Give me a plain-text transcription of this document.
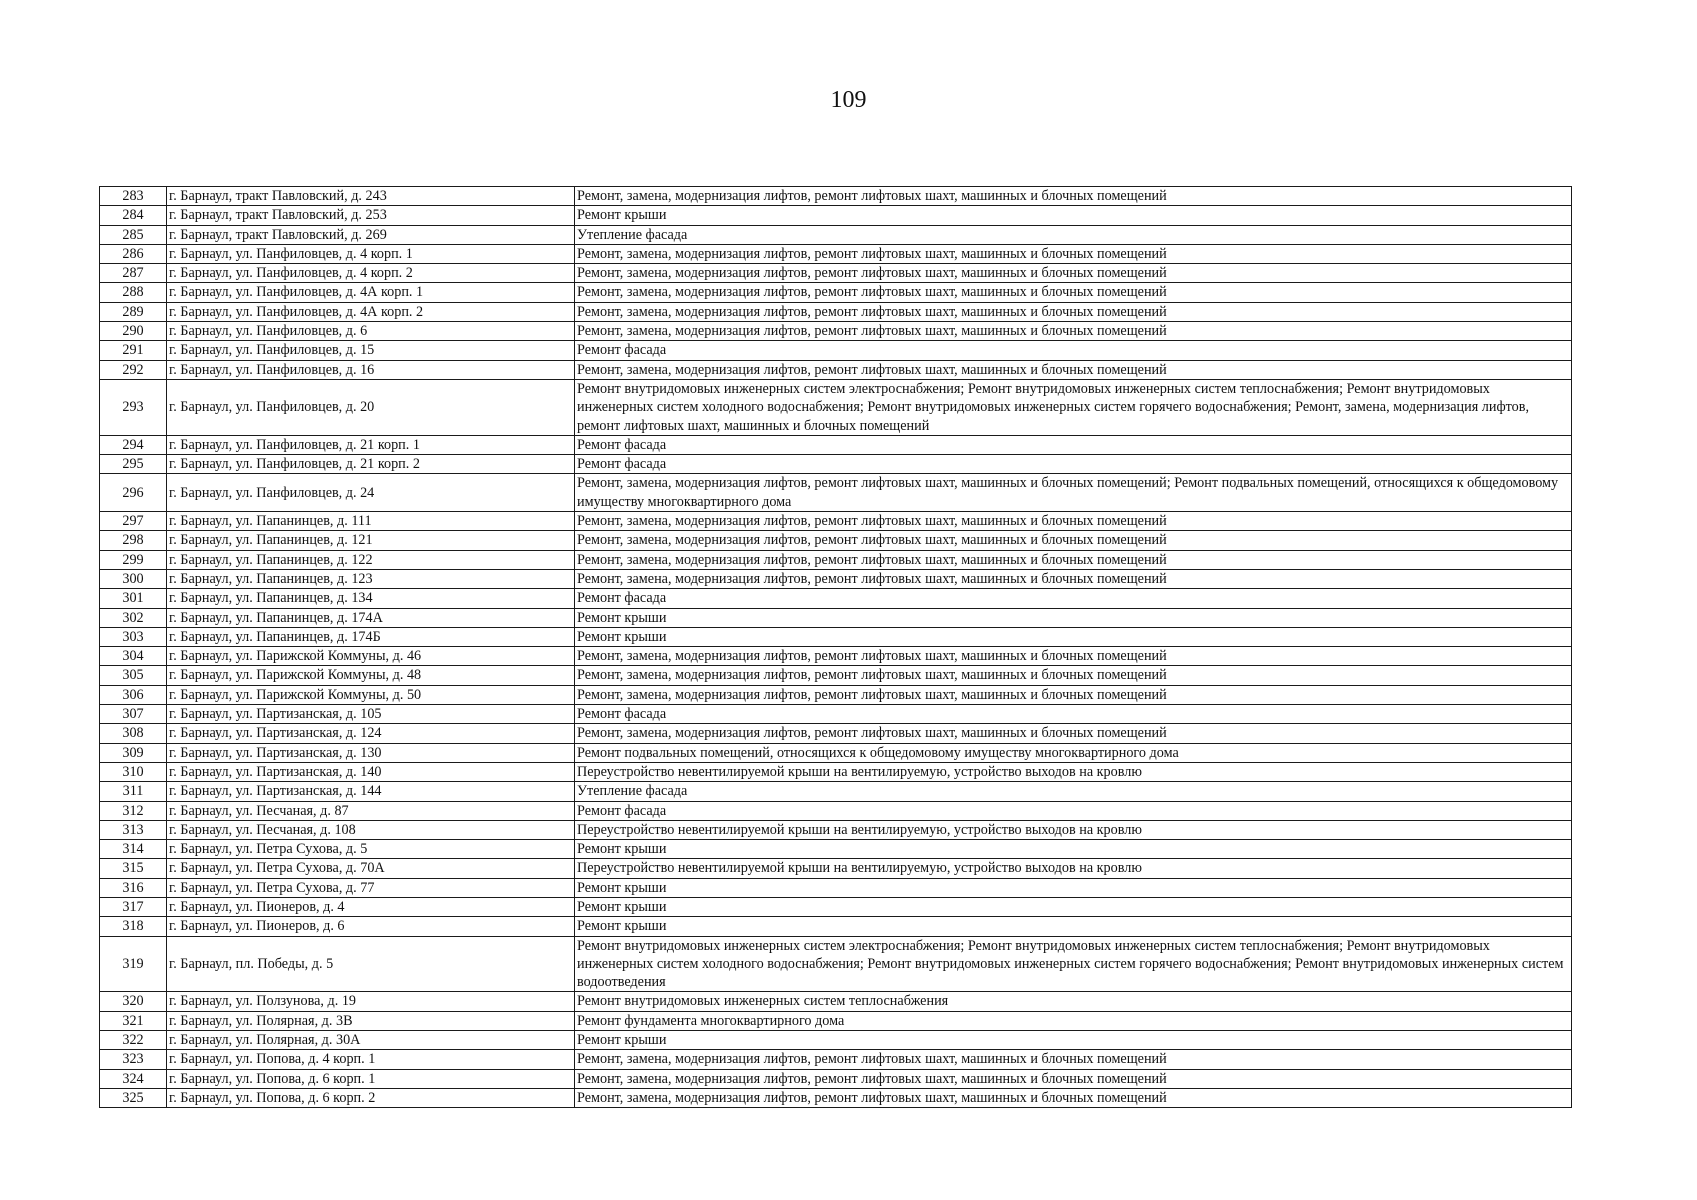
109
283	г. Барнаул, тракт Павловский, д. 243	Ремонт, замена, модернизация лифтов, ремонт лифтовых шахт, машинных и блочных помещений
284	г. Барнаул, тракт Павловский, д. 253	Ремонт крыши
285	г. Барнаул, тракт Павловский, д. 269	Утепление фасада
286	г. Барнаул, ул. Панфиловцев, д. 4 корп. 1	Ремонт, замена, модернизация лифтов, ремонт лифтовых шахт, машинных и блочных помещений
287	г. Барнаул, ул. Панфиловцев, д. 4 корп. 2	Ремонт, замена, модернизация лифтов, ремонт лифтовых шахт, машинных и блочных помещений
288	г. Барнаул, ул. Панфиловцев, д. 4А корп. 1	Ремонт, замена, модернизация лифтов, ремонт лифтовых шахт, машинных и блочных помещений
289	г. Барнаул, ул. Панфиловцев, д. 4А корп. 2	Ремонт, замена, модернизация лифтов, ремонт лифтовых шахт, машинных и блочных помещений
290	г. Барнаул, ул. Панфиловцев, д. 6	Ремонт, замена, модернизация лифтов, ремонт лифтовых шахт, машинных и блочных помещений
291	г. Барнаул, ул. Панфиловцев, д. 15	Ремонт фасада
292	г. Барнаул, ул. Панфиловцев, д. 16	Ремонт, замена, модернизация лифтов, ремонт лифтовых шахт, машинных и блочных помещений
293	г. Барнаул, ул. Панфиловцев, д. 20	Ремонт внутридомовых инженерных систем электроснабжения; Ремонт внутридомовых инженерных систем теплоснабжения; Ремонт внутридомовых инженерных систем холодного водоснабжения; Ремонт внутридомовых инженерных систем горячего водоснабжения; Ремонт, замена, модернизация лифтов, ремонт лифтовых шахт, машинных и блочных помещений
294	г. Барнаул, ул. Панфиловцев, д. 21 корп. 1	Ремонт фасада
295	г. Барнаул, ул. Панфиловцев, д. 21 корп. 2	Ремонт фасада
296	г. Барнаул, ул. Панфиловцев, д. 24	Ремонт, замена, модернизация лифтов, ремонт лифтовых шахт, машинных и блочных помещений; Ремонт подвальных помещений, относящихся к общедомовому имуществу многоквартирного дома
297	г. Барнаул, ул. Папанинцев, д. 111	Ремонт, замена, модернизация лифтов, ремонт лифтовых шахт, машинных и блочных помещений
298	г. Барнаул, ул. Папанинцев, д. 121	Ремонт, замена, модернизация лифтов, ремонт лифтовых шахт, машинных и блочных помещений
299	г. Барнаул, ул. Папанинцев, д. 122	Ремонт, замена, модернизация лифтов, ремонт лифтовых шахт, машинных и блочных помещений
300	г. Барнаул, ул. Папанинцев, д. 123	Ремонт, замена, модернизация лифтов, ремонт лифтовых шахт, машинных и блочных помещений
301	г. Барнаул, ул. Папанинцев, д. 134	Ремонт фасада
302	г. Барнаул, ул. Папанинцев, д. 174А	Ремонт крыши
303	г. Барнаул, ул. Папанинцев, д. 174Б	Ремонт крыши
304	г. Барнаул, ул. Парижской Коммуны, д. 46	Ремонт, замена, модернизация лифтов, ремонт лифтовых шахт, машинных и блочных помещений
305	г. Барнаул, ул. Парижской Коммуны, д. 48	Ремонт, замена, модернизация лифтов, ремонт лифтовых шахт, машинных и блочных помещений
306	г. Барнаул, ул. Парижской Коммуны, д. 50	Ремонт, замена, модернизация лифтов, ремонт лифтовых шахт, машинных и блочных помещений
307	г. Барнаул, ул. Партизанская, д. 105	Ремонт фасада
308	г. Барнаул, ул. Партизанская, д. 124	Ремонт, замена, модернизация лифтов, ремонт лифтовых шахт, машинных и блочных помещений
309	г. Барнаул, ул. Партизанская, д. 130	Ремонт подвальных помещений, относящихся к общедомовому имуществу многоквартирного дома
310	г. Барнаул, ул. Партизанская, д. 140	Переустройство невентилируемой крыши на вентилируемую, устройство выходов на кровлю
311	г. Барнаул, ул. Партизанская, д. 144	Утепление фасада
312	г. Барнаул, ул. Песчаная, д. 87	Ремонт фасада
313	г. Барнаул, ул. Песчаная, д. 108	Переустройство невентилируемой крыши на вентилируемую, устройство выходов на кровлю
314	г. Барнаул, ул. Петра Сухова, д. 5	Ремонт крыши
315	г. Барнаул, ул. Петра Сухова, д. 70А	Переустройство невентилируемой крыши на вентилируемую, устройство выходов на кровлю
316	г. Барнаул, ул. Петра Сухова, д. 77	Ремонт крыши
317	г. Барнаул, ул. Пионеров, д. 4	Ремонт крыши
318	г. Барнаул, ул. Пионеров, д. 6	Ремонт крыши
319	г. Барнаул, пл. Победы, д. 5	Ремонт внутридомовых инженерных систем электроснабжения; Ремонт внутридомовых инженерных систем теплоснабжения; Ремонт внутридомовых инженерных систем холодного водоснабжения; Ремонт внутридомовых инженерных систем горячего водоснабжения; Ремонт внутридомовых инженерных систем водоотведения
320	г. Барнаул, ул. Ползунова, д. 19	Ремонт внутридомовых инженерных систем теплоснабжения
321	г. Барнаул, ул. Полярная, д. 3В	Ремонт фундамента многоквартирного дома
322	г. Барнаул, ул. Полярная, д. 30А	Ремонт крыши
323	г. Барнаул, ул. Попова, д. 4 корп. 1	Ремонт, замена, модернизация лифтов, ремонт лифтовых шахт, машинных и блочных помещений
324	г. Барнаул, ул. Попова, д. 6 корп. 1	Ремонт, замена, модернизация лифтов, ремонт лифтовых шахт, машинных и блочных помещений
325	г. Барнаул, ул. Попова, д. 6 корп. 2	Ремонт, замена, модернизация лифтов, ремонт лифтовых шахт, машинных и блочных помещений
